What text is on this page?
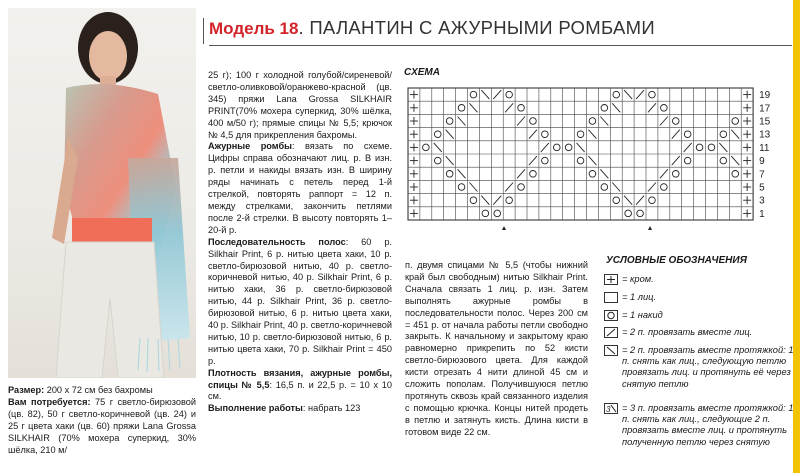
Размер: 200 х 72 см без бахромы
Вам потребуется: 75 г светло-бирюзовой (цв. 82), 50 г светло-коричневой (цв. 24) и 25 г цвета хаки (цв. 60) пряжи Lana Grossa SILKHAIR (70% мохера суперкид, 30% шёлка, 210 м/

Модель 18. ПАЛАНТИН С АЖУРНЫМИ РОМБАМИ

25 г); 100 г холодной голубой/сиреневой/светло-оливковой/оранжево-красной (цв. 345) пряжи Lana Grossa SILKHAIR PRINT(70% мохера суперкид, 30% шёлка, 400 м/50 г); прямые спицы № 5,5; крючок № 4,5 для прикрепления бахромы.

Ажурные ромбы: вязать по схеме. Цифры справа обозначают лиц. р. В изн. р. петли и накиды вязать изн. В ширину ряды начинать с петель перед 1-й стрелкой, повторять раппорт = 12 п. между стрелками, закончить петлями после 2-й стрелки. В высоту повторять 1–20-й р.

Последовательность полос: 60 р. Silkhair Print, 6 р. нитью цвета хаки, 10 р. светло-бирюзовой нитью, 40 р. светло-коричневой нитью, 40 р. Silkhair Print, 6 р. нитью хаки, 36 р. светло-бирюзовой нитью, 44 р. Silkhair Print, 36 р. светло-бирюзовой нитью, 6 р. нитью цвета хаки, 40 р. Silkhair Print, 40 р. светло-коричневой нитью, 10 р. светло-бирюзовой нитью, 6 р. нитью цвета хаки, 70 р. Silkhair Print = 450 р.

Плотность вязания, ажурные ромбы, спицы № 5,5: 16,5 п. и 22,5 р. = 10 х 10 см.

Выполнение работы: набрать 123

п. двумя спицами № 5,5 (чтобы нижний край был свободным) нитью Silkhair Print. Сначала связать 1 лиц. р. изн. Затем выполнять ажурные ромбы в последовательности полос. Через 200 см = 451 р. от начала работы петли свободно закрыть. К начальному и закрытому краю равномерно прикрепить по 52 кисти светло-бирюзового цвета. Для каждой кисти отрезать 4 нити длиной 45 см и сложить пополам. Получившуюся петлю протянуть сквозь край связанного изделия с помощью крючка. Концы нитей продеть в петлю и затянуть кисть. Длина кисти в готовом виде 22 см.

СХЕМА
19
17
15
13
11
9
7
5
3
1
УСЛОВНЫЕ ОБОЗНАЧЕНИЯ
= кром.
= 1 лиц.
= 1 накид
= 2 п. провязать вместе лиц.
= 2 п. провязать вместе протяжкой: 1 п. снять как лиц., следующую петлю провязать лиц. и протянуть её через снятую петлю
3 = 3 п. провязать вместе протяжкой: 1 п. снять как лиц., следующие 2 п. провязать вместе лиц. и протянуть полученную петлю через снятую
